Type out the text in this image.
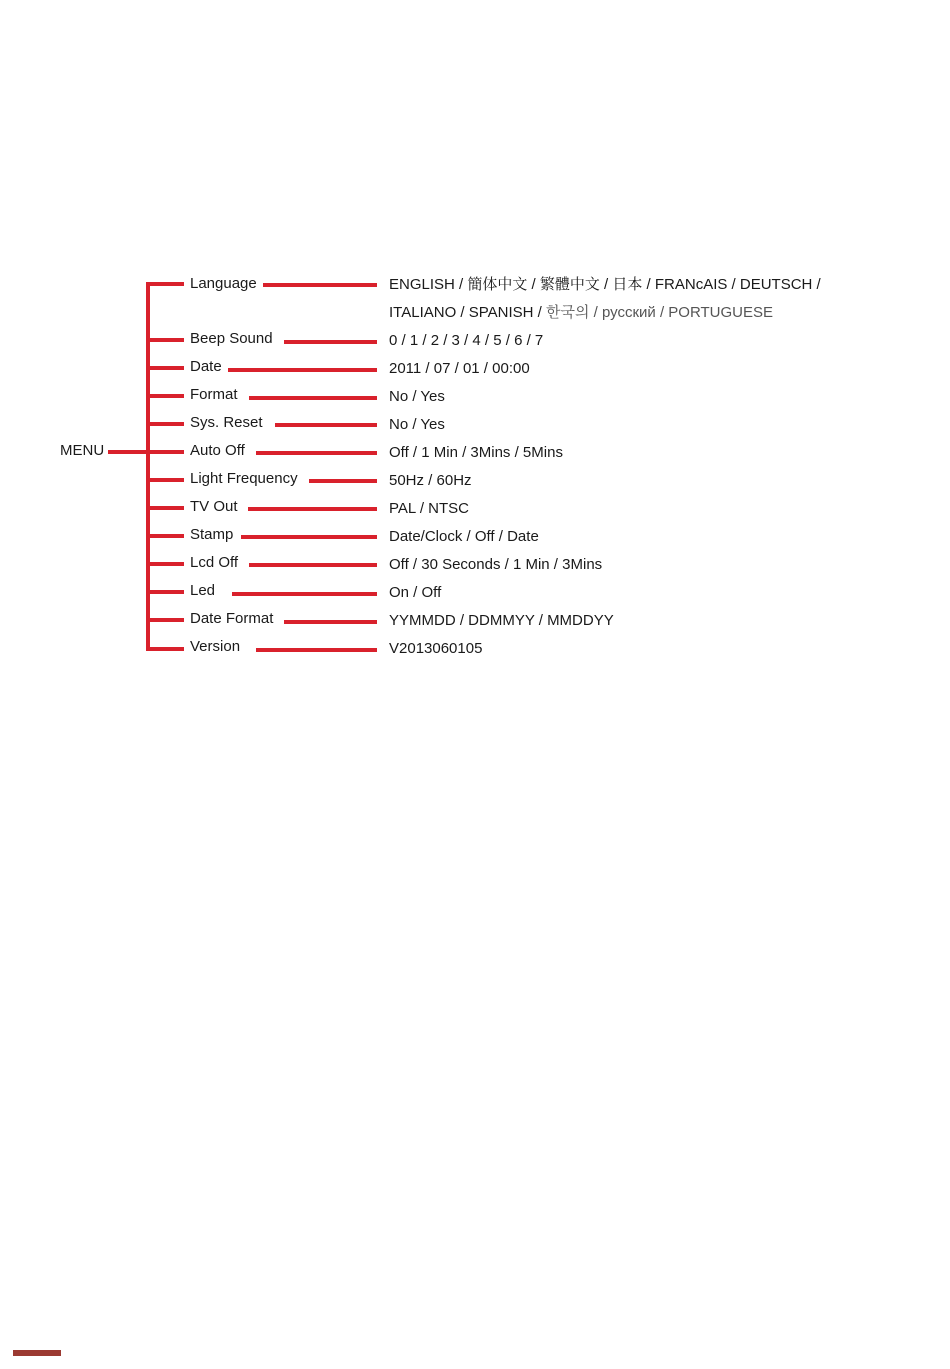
MENU
Language	ENGLISH / 簡体中文 / 繁體中文 / 日本 / FRANcAIS / DEUTSCH /
ITALIANO / SPANISH / 한국의 / русский / PORTUGUESE
Beep Sound	0 / 1 / 2 / 3 / 4 / 5 / 6 / 7
Date	2011 / 07 / 01 / 00:00
Format	No / Yes
Sys. Reset	No / Yes
Auto Off	Off / 1 Min / 3Mins / 5Mins
Light Frequency	50Hz / 60Hz
TV Out	PAL / NTSC
Stamp	Date/Clock / Off / Date
Lcd Off	Off / 30 Seconds / 1 Min / 3Mins
Led	On / Off
Date Format	YYMMDD / DDMMYY / MMDDYY
Version	V2013060105
